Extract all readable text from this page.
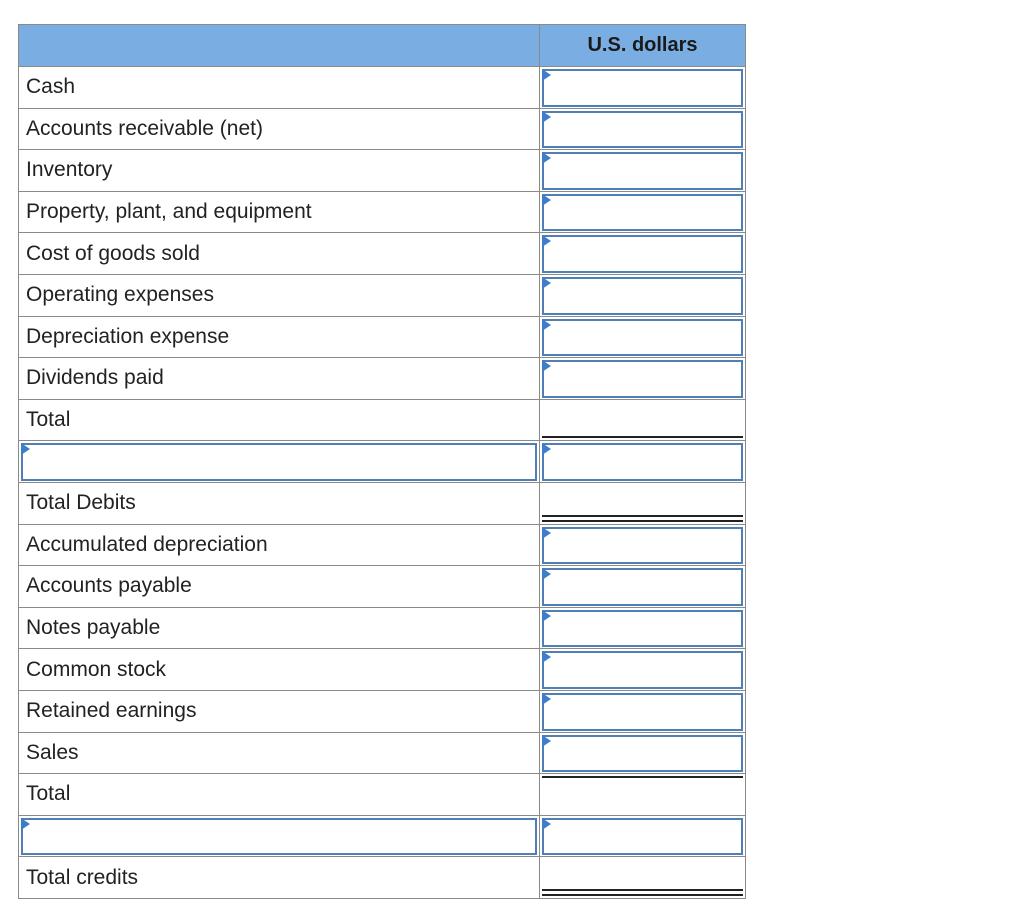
U.S. dollars
Cash
Accounts receivable (net)
Inventory
Property, plant, and equipment
Cost of goods sold
Operating expenses
Depreciation expense
Dividends paid
Total
Total Debits
Accumulated depreciation
Accounts payable
Notes payable
Common stock
Retained earnings
Sales
Total
Total credits
